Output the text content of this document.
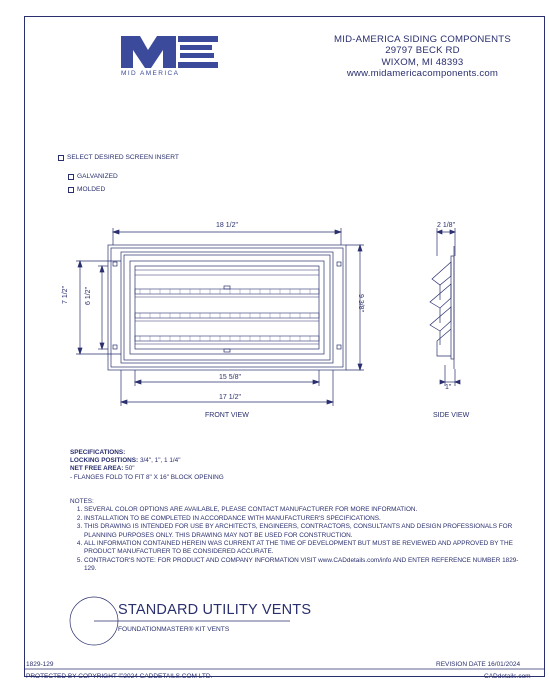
MID AMERICA
MID-AMERICA SIDING COMPONENTS
29797 BECK RD
WIXOM, MI 48393
www.midamericacomponents.com
SELECT DESIRED SCREEN INSERT
GALVANIZED
MOLDED
18 1/2"
15 5/8"
17 1/2"
7 1/2" 6 1/2"	9 3/8"
FRONT VIEW
2 1/8"
1"
SIDE VIEW
SPECIFICATIONS:
LOCKING POSITIONS: 3/4", 1", 1 1/4"
NET FREE AREA: 50"
- FLANGES FOLD TO FIT 8" X 16" BLOCK OPENING
NOTES:
1. SEVERAL COLOR OPTIONS ARE AVAILABLE, PLEASE CONTACT MANUFACTURER FOR MORE INFORMATION.
2. INSTALLATION TO BE COMPLETED IN ACCORDANCE WITH MANUFACTURER'S SPECIFICATIONS.
3. THIS DRAWING IS INTENDED FOR USE BY ARCHITECTS, ENGINEERS, CONTRACTORS, CONSULTANTS AND DESIGN PROFESSIONALS FOR PLANNING PURPOSES ONLY. THIS DRAWING MAY NOT BE USED FOR CONSTRUCTION.
4. ALL INFORMATION CONTAINED HEREIN WAS CURRENT AT THE TIME OF DEVELOPMENT BUT MUST BE REVIEWED AND APPROVED BY THE PRODUCT MANUFACTURER TO BE CONSIDERED ACCURATE.
5. CONTRACTOR'S NOTE: FOR PRODUCT AND COMPANY INFORMATION VISIT www.CADdetails.com/info AND ENTER REFERENCE NUMBER 1829-129.
STANDARD UTILITY VENTS
FOUNDATIONMASTER® KIT VENTS
1829-129	REVISION DATE 16/01/2024
PROTECTED BY COPYRIGHT ©2024 CADDETAILS.COM LTD.	CADdetails.com
